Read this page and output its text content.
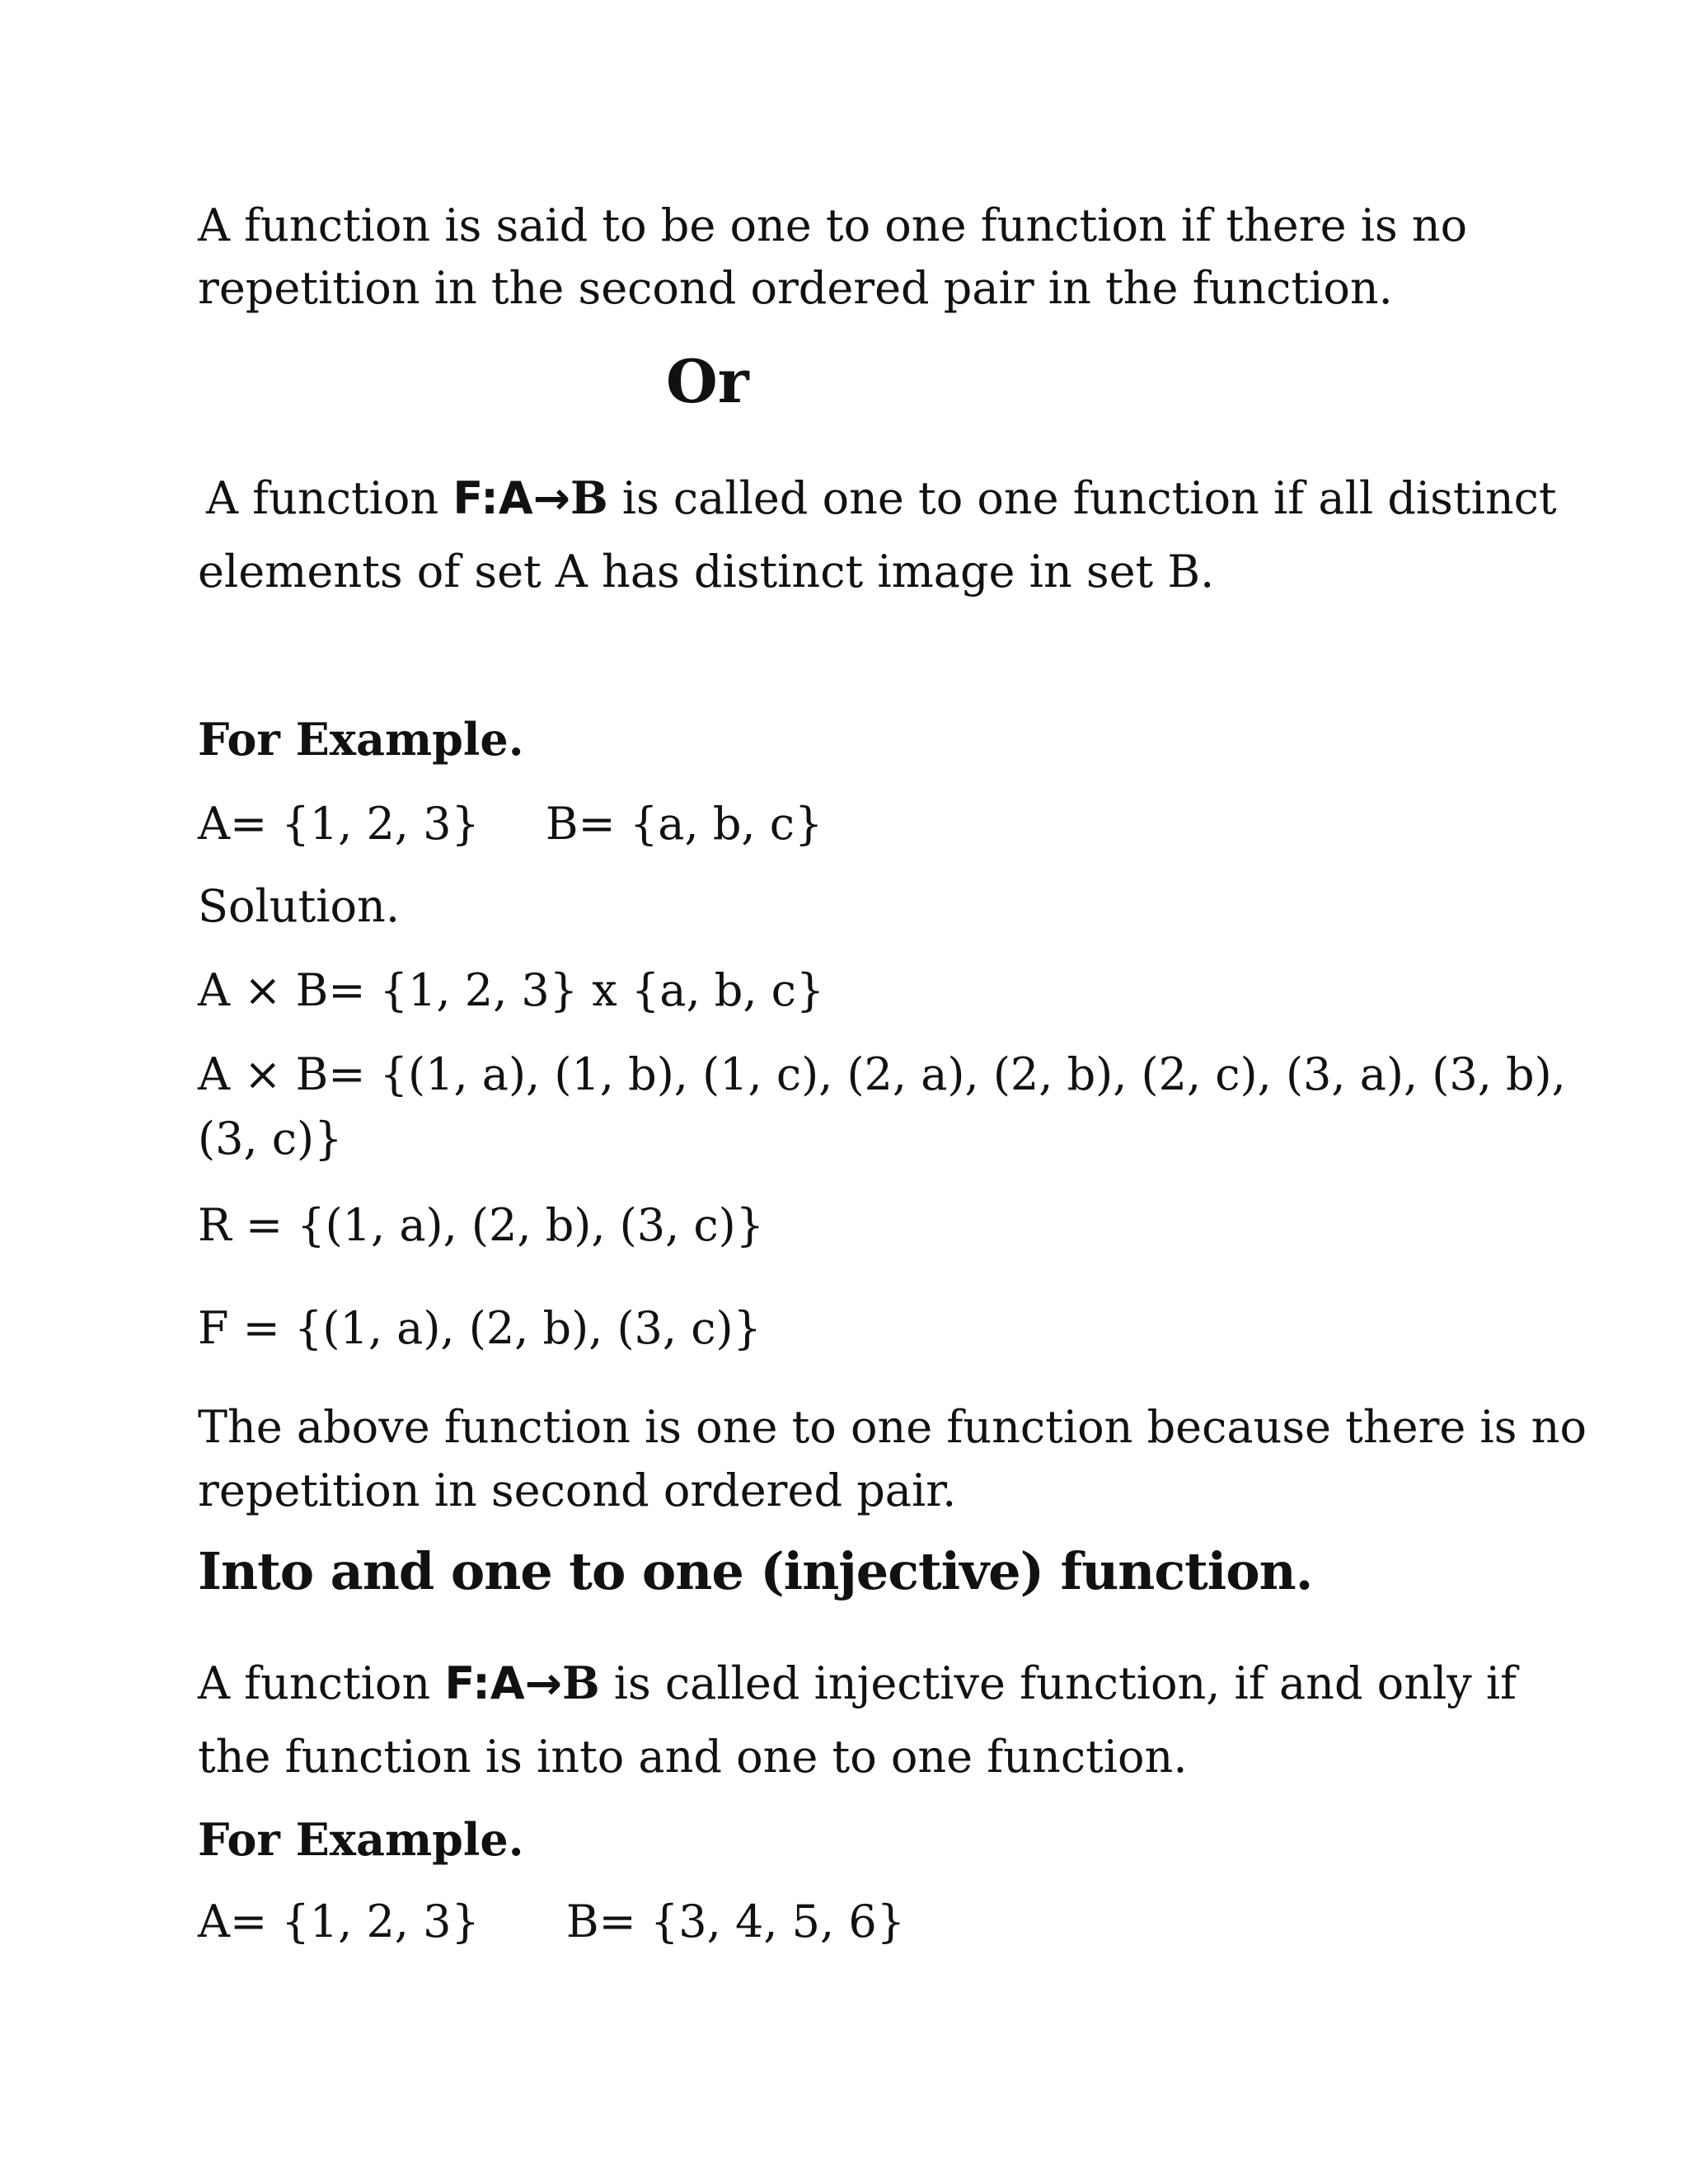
A function is said to be one to one function if there is no
repetition in the second ordered pair in the function.
Or
A function F:A→B is called one to one function if all distinct
elements of set A has distinct image in set B.
For Example.
A= {1, 2, 3} B= {a, b, c}
Solution.
A × B= {1, 2, 3} x {a, b, c}
A × B= {(1, a), (1, b), (1, c), (2, a), (2, b), (2, c), (3, a), (3, b),
(3, c)}
R = {(1, a), (2, b), (3, c)}
F = {(1, a), (2, b), (3, c)}
The above function is one to one function because there is no
repetition in second ordered pair.
Into and one to one (injective) function.
A function F:A→B is called injective function, if and only if
the function is into and one to one function.
For Example.
A= {1, 2, 3} B= {3, 4, 5, 6}
